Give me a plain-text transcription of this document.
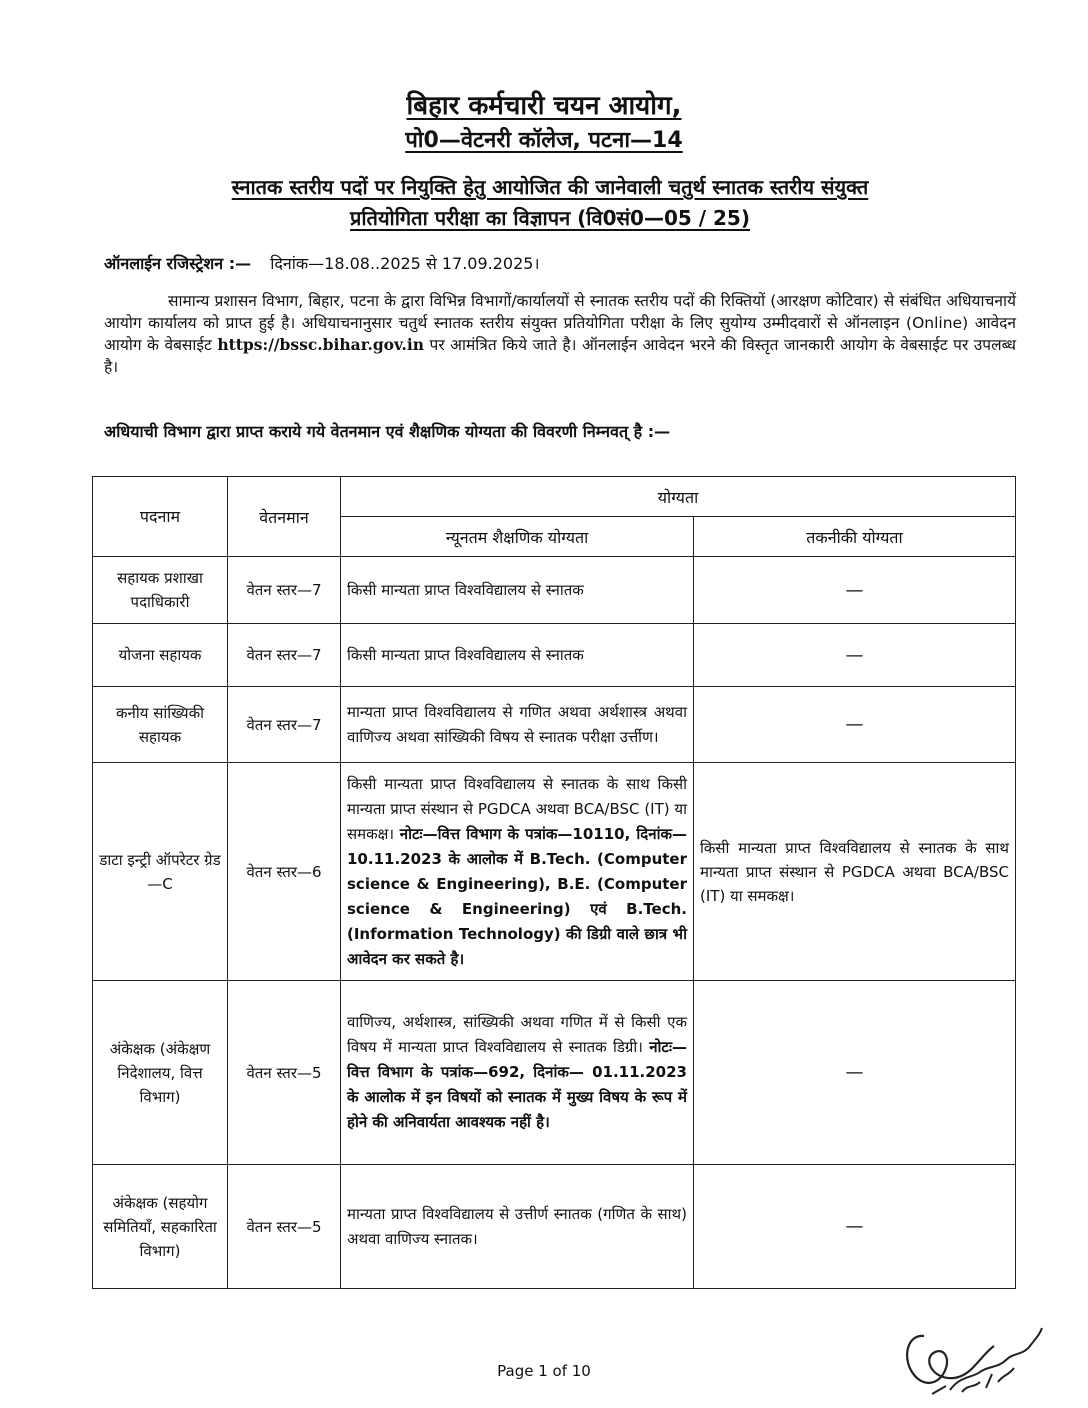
बिहार कर्मचारी चयन आयोग,
पो0—वेटनरी कॉलेज, पटना—14
स्नातक स्तरीय पदों पर नियुक्ति हेतु आयोजित की जानेवाली चतुर्थ स्नातक स्तरीय संयुक्त
प्रतियोगिता परीक्षा का विज्ञापन (वि0सं0—05 / 25)
ऑनलाईन रजिस्ट्रेशन :— दिनांक—18.08..2025 से 17.09.2025।
सामान्य प्रशासन विभाग, बिहार, पटना के द्वारा विभिन्न विभागों/कार्यालयों से स्नातक स्तरीय पदों की रिक्तियों (आरक्षण कोटिवार) से संबंधित अधियाचनायें आयोग कार्यालय को प्राप्त हुई है। अधियाचनानुसार चतुर्थ स्नातक स्तरीय संयुक्त प्रतियोगिता परीक्षा के लिए सुयोग्य उम्मीदवारों से ऑनलाइन (Online) आवेदन आयोग के वेबसाईट https://bssc.bihar.gov.in पर आमंत्रित किये जाते है। ऑनलाईन आवेदन भरने की विस्तृत जानकारी आयोग के वेबसाईट पर उपलब्ध है।
अधियाची विभाग द्वारा प्राप्त कराये गये वेतनमान एवं शैक्षणिक योग्यता की विवरणी निम्नवत् है :—
पदनाम	वेतनमान	योग्यता	
		न्यूनतम शैक्षणिक योग्यता	तकनीकी योग्यता
सहायक प्रशाखा पदाधिकारी	वेतन स्तर—7	किसी मान्यता प्राप्त विश्वविद्यालय से स्नातक	—
योजना सहायक	वेतन स्तर—7	किसी मान्यता प्राप्त विश्वविद्यालय से स्नातक	—
कनीय सांख्यिकी सहायक	वेतन स्तर—7	मान्यता प्राप्त विश्वविद्यालय से गणित अथवा अर्थशास्त्र अथवा वाणिज्य अथवा सांख्यिकी विषय से स्नातक परीक्षा उर्त्तीण।	—
डाटा इन्ट्री ऑपरेटर ग्रेड—C	वेतन स्तर—6	किसी मान्यता प्राप्त विश्वविद्यालय से स्नातक के साथ किसी मान्यता प्राप्त संस्थान से PGDCA अथवा BCA/BSC (IT) या समकक्ष। नोटः—वित्त विभाग के पत्रांक—10110, दिनांक—10.11.2023 के आलोक में B.Tech. (Computer science & Engineering), B.E. (Computer science & Engineering) एवं B.Tech. (Information Technology) की डिग्री वाले छात्र भी आवेदन कर सकते है।	किसी मान्यता प्राप्त विश्वविद्यालय से स्नातक के साथ मान्यता प्राप्त संस्थान से PGDCA अथवा BCA/BSC (IT) या समकक्ष।
अंकेक्षक (अंकेक्षण निदेशालय, वित्त विभाग)	वेतन स्तर—5	वाणिज्य, अर्थशास्त्र, सांख्यिकी अथवा गणित में से किसी एक विषय में मान्यता प्राप्त विश्वविद्यालय से स्नातक डिग्री। नोटः—वित्त विभाग के पत्रांक—692, दिनांक— 01.11.2023 के आलोक में इन विषयों को स्नातक में मुख्य विषय के रूप में होने की अनिवार्यता आवश्यक नहीं है।	—
अंकेक्षक (सहयोग समितियाँ, सहकारिता विभाग)	वेतन स्तर—5	मान्यता प्राप्त विश्वविद्यालय से उत्तीर्ण स्नातक (गणित के साथ) अथवा वाणिज्य स्नातक।	—
Page 1 of 10
